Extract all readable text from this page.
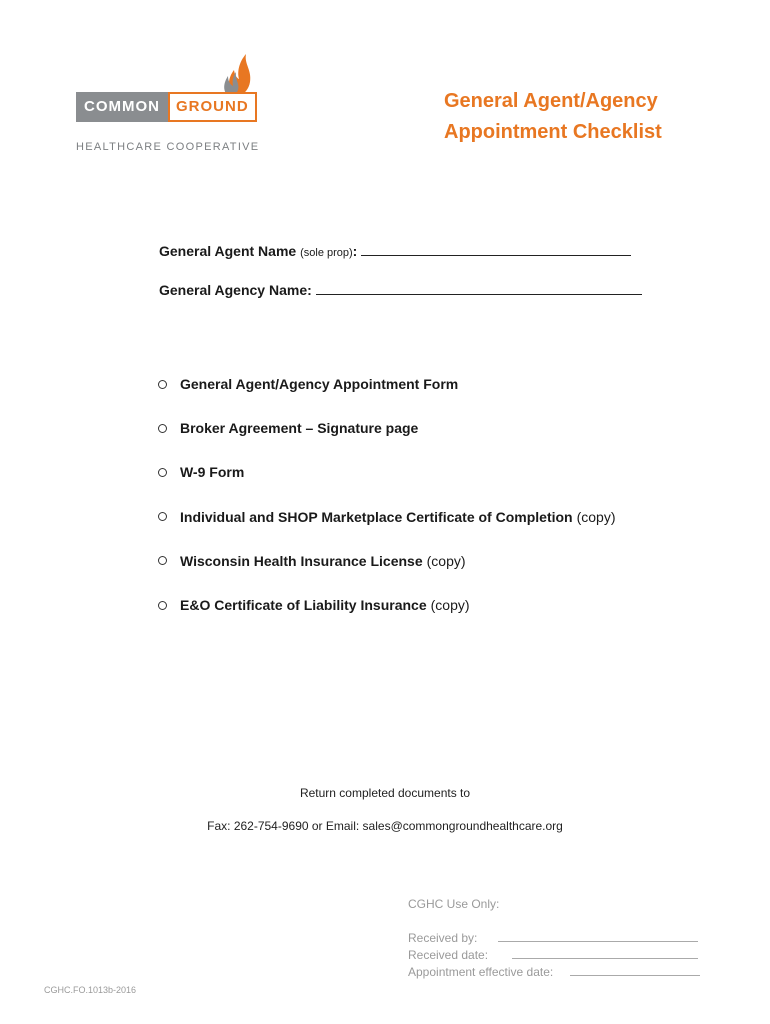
COMMON	GROUND
HEALTHCARE COOPERATIVE
General Agent/Agency
Appointment Checklist
General Agent Name (sole prop):
General Agency Name:
General Agent/Agency Appointment Form
Broker Agreement – Signature page
W-9 Form
Individual and SHOP Marketplace Certificate of Completion (copy)
Wisconsin Health Insurance License (copy)
E&O Certificate of Liability Insurance (copy)
Return completed documents to
Fax: 262-754-9690 or Email: sales@commongroundhealthcare.org
CGHC Use Only:
Received by:
Received date:
Appointment effective date:
CGHC.FO.1013b-2016
